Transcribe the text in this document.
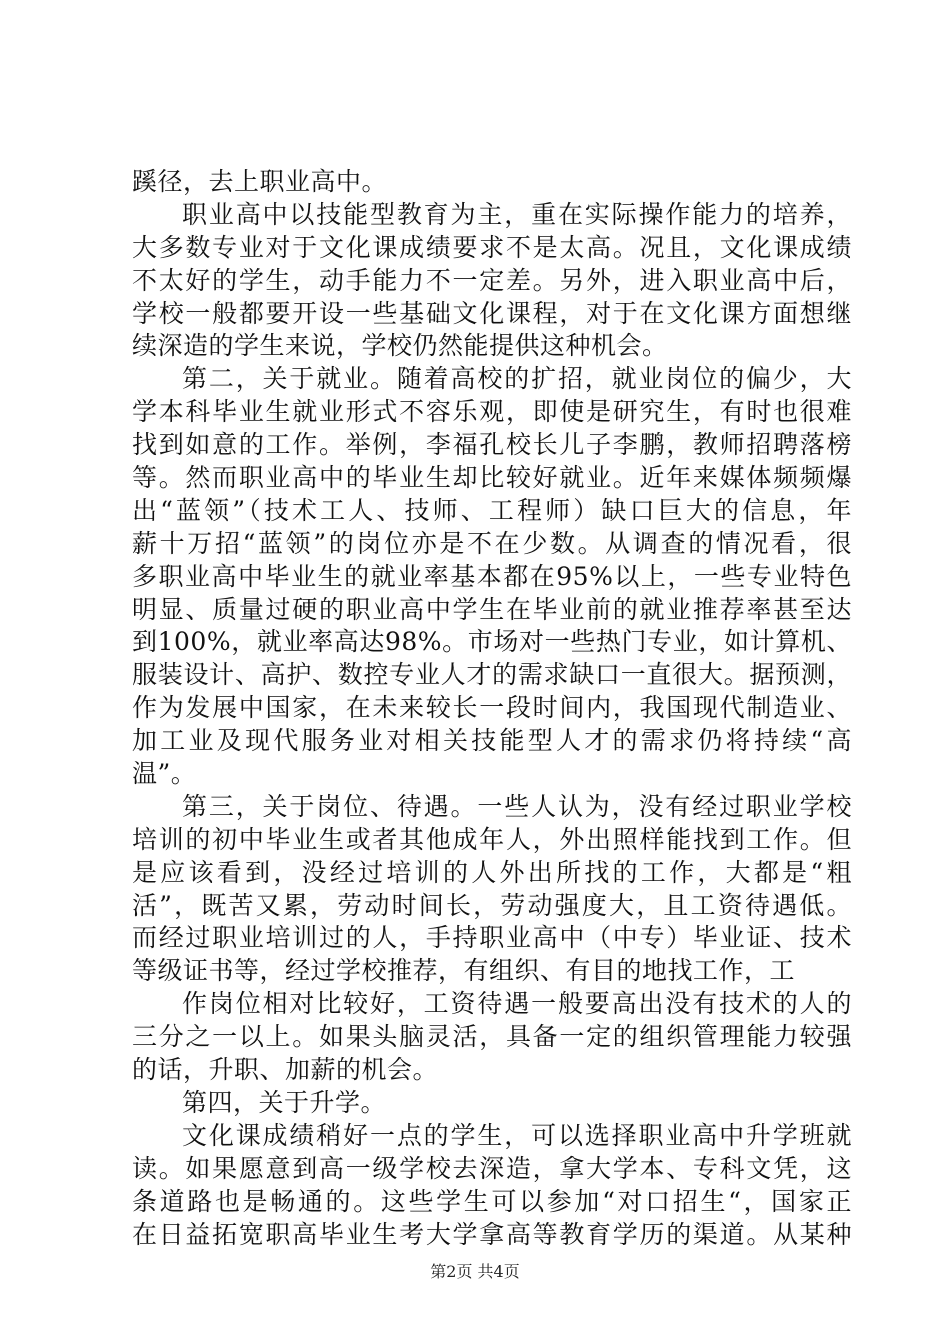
蹊径，去上职业高中。
职业高中以技能型教育为主，重在实际操作能力的培养，
大多数专业对于文化课成绩要求不是太高。况且，文化课成绩
不太好的学生，动手能力不一定差。另外，进入职业高中后，
学校一般都要开设一些基础文化课程，对于在文化课方面想继
续深造的学生来说，学校仍然能提供这种机会。
第二，关于就业。随着高校的扩招，就业岗位的偏少，大
学本科毕业生就业形式不容乐观，即使是研究生，有时也很难
找到如意的工作。举例，李福孔校长儿子李鹏，教师招聘落榜
等。然而职业高中的毕业生却比较好就业。近年来媒体频频爆
出“蓝领”（技术工人、技师、工程师）缺口巨大的信息，年
薪十万招“蓝领”的岗位亦是不在少数。从调查的情况看，很
多职业高中毕业生的就业率基本都在95%以上，一些专业特色
明显、质量过硬的职业高中学生在毕业前的就业推荐率甚至达
到100%，就业率高达98%。市场对一些热门专业，如计算机、
服装设计、高护、数控专业人才的需求缺口一直很大。据预测，
作为发展中国家，在未来较长一段时间内，我国现代制造业、
加工业及现代服务业对相关技能型人才的需求仍将持续“高
温”。
第三，关于岗位、待遇。一些人认为，没有经过职业学校
培训的初中毕业生或者其他成年人，外出照样能找到工作。但
是应该看到，没经过培训的人外出所找的工作，大都是“粗
活”，既苦又累，劳动时间长，劳动强度大，且工资待遇低。
而经过职业培训过的人，手持职业高中（中专）毕业证、技术
等级证书等，经过学校推荐，有组织、有目的地找工作，工
作岗位相对比较好，工资待遇一般要高出没有技术的人的
三分之一以上。如果头脑灵活，具备一定的组织管理能力较强
的话，升职、加薪的机会。
第四，关于升学。
文化课成绩稍好一点的学生，可以选择职业高中升学班就
读。如果愿意到高一级学校去深造，拿大学本、专科文凭，这
条道路也是畅通的。这些学生可以参加“对口招生“，国家正
在日益拓宽职高毕业生考大学拿高等教育学历的渠道。从某种
第2页 共4页
